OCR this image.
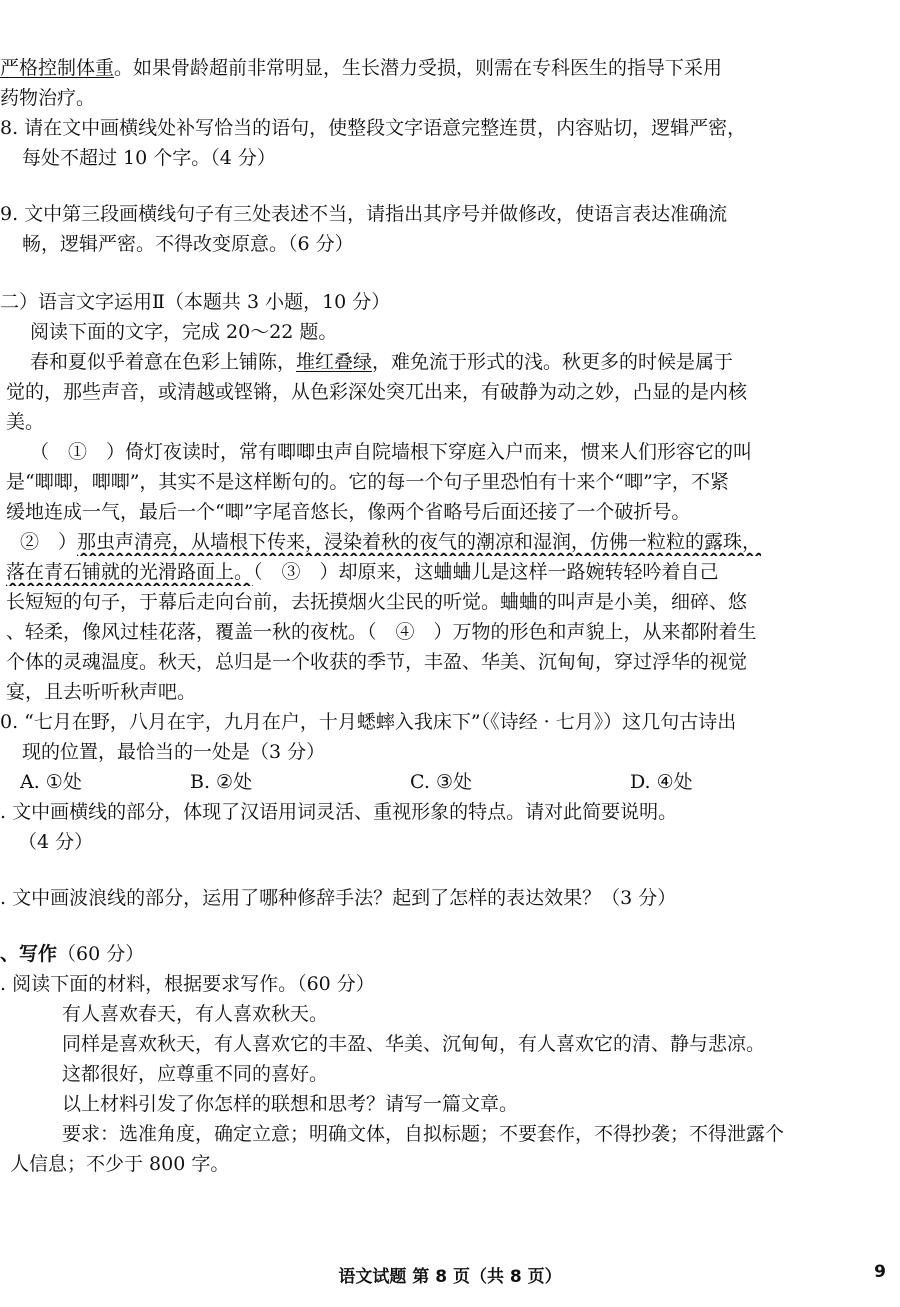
严格控制体重。如果骨龄超前非常明显，生长潜力受损，则需在专科医生的指导下采用
药物治疗。
8. 请在文中画横线处补写恰当的语句，使整段文字语意完整连贯，内容贴切，逻辑严密，
每处不超过 10 个字。（4 分）
9. 文中第三段画横线句子有三处表述不当，请指出其序号并做修改，使语言表达准确流
畅，逻辑严密。不得改变原意。（6 分）
二）语言文字运用Ⅱ（本题共 3 小题，10 分）
阅读下面的文字，完成 20～22 题。
春和夏似乎着意在色彩上铺陈，堆红叠绿，难免流于形式的浅。秋更多的时候是属于
觉的，那些声音，或清越或铿锵，从色彩深处突兀出来，有破静为动之妙，凸显的是内核
美。
（　①　）倚灯夜读时，常有唧唧虫声自院墙根下穿庭入户而来，惯来人们形容它的叫
是“唧唧，唧唧”，其实不是这样断句的。它的每一个句子里恐怕有十来个“唧”字，不紧
缓地连成一气，最后一个“唧”字尾音悠长，像两个省略号后面还接了一个破折号。
②　）那虫声清亮，从墙根下传来，浸染着秋的夜气的潮凉和湿润，仿佛一粒粒的露珠，
落在青石铺就的光滑路面上。（　③　）却原来，这蛐蛐儿是这样一路婉转轻吟着自己
长短短的句子，于幕后走向台前，去抚摸烟火尘民的听觉。蛐蛐的叫声是小美，细碎、悠
、轻柔，像风过桂花落，覆盖一秋的夜枕。（　④　）万物的形色和声貌上，从来都附着生
个体的灵魂温度。秋天，总归是一个收获的季节，丰盈、华美、沉甸甸，穿过浮华的视觉
宴，且去听听秋声吧。
0. “七月在野，八月在宇，九月在户，十月蟋蟀入我床下”（《诗经 · 七月》）这几句古诗出
现的位置，最恰当的一处是（3 分）
A. ①处	B. ②处	C. ③处	D. ④处
. 文中画横线的部分，体现了汉语用词灵活、重视形象的特点。请对此简要说明。
（4 分）
. 文中画波浪线的部分，运用了哪种修辞手法？起到了怎样的表达效果？（3 分）
、写作（60 分）
. 阅读下面的材料，根据要求写作。（60 分）
有人喜欢春天，有人喜欢秋天。
同样是喜欢秋天，有人喜欢它的丰盈、华美、沉甸甸，有人喜欢它的清、静与悲凉。
这都很好，应尊重不同的喜好。
以上材料引发了你怎样的联想和思考？请写一篇文章。
要求：选准角度，确定立意；明确文体，自拟标题；不要套作，不得抄袭；不得泄露个
人信息；不少于 800 字。
语文试题 第 8 页（共 8 页）	9
